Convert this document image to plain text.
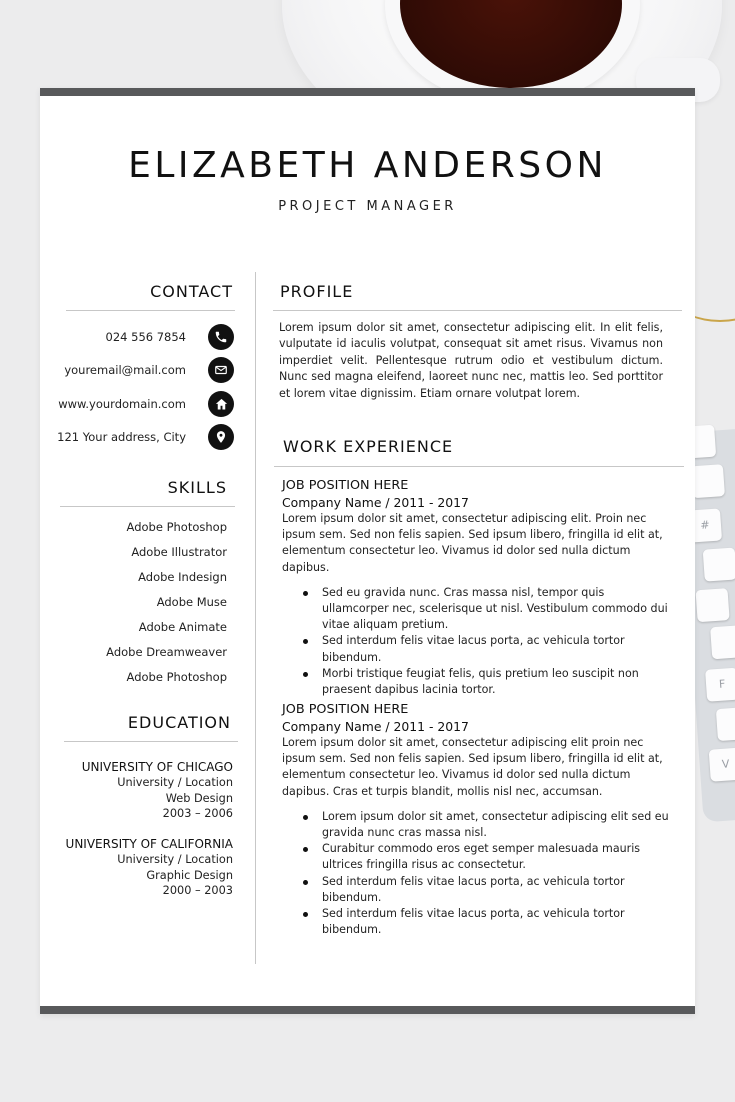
#
F
V
ELIZABETH ANDERSON
PROJECT MANAGER
CONTACT
024 556 7854
youremail@mail.com
www.yourdomain.com
121 Your address, City
SKILLS
Adobe Photoshop
Adobe Illustrator
Adobe Indesign
Adobe Muse
Adobe Animate
Adobe Dreamweaver
Adobe Photoshop
EDUCATION
UNIVERSITY OF CHICAGO
University / Location
Web Design
2003 – 2006
UNIVERSITY OF CALIFORNIA
University / Location
Graphic Design
2000 – 2003
PROFILE
Lorem ipsum dolor sit amet, consectetur adipiscing elit. In elit felis, vulputate id iaculis volutpat, consequat sit amet risus. Vivamus non imperdiet velit. Pellentesque rutrum odio et vestibulum dictum. Nunc sed magna eleifend, laoreet nunc nec, mattis leo. Sed porttitor et lorem vitae dignissim. Etiam ornare volutpat lorem.
WORK EXPERIENCE
JOB POSITION HERE
Company Name / 2011 - 2017
Lorem ipsum dolor sit amet, consectetur adipiscing elit. Proin nec ipsum sem. Sed non felis sapien. Sed ipsum libero, fringilla id elit at, elementum consectetur leo. Vivamus id dolor sed nulla dictum dapibus.
Sed eu gravida nunc. Cras massa nisl, tempor quis ullamcorper nec, scelerisque ut nisl. Vestibulum commodo dui vitae aliquam pretium.
Sed interdum felis vitae lacus porta, ac vehicula tortor bibendum.
Morbi tristique feugiat felis, quis pretium leo suscipit non praesent dapibus lacinia tortor.
JOB POSITION HERE
Company Name / 2011 - 2017
Lorem ipsum dolor sit amet, consectetur adipiscing elit proin nec ipsum sem. Sed non felis sapien. Sed ipsum libero, fringilla id elit at, elementum consectetur leo. Vivamus id dolor sed nulla dictum dapibus. Cras et turpis blandit, mollis nisl nec, accumsan.
Lorem ipsum dolor sit amet, consectetur adipiscing elit sed eu gravida nunc cras massa nisl.
Curabitur commodo eros eget semper malesuada mauris ultrices fringilla risus ac consectetur.
Sed interdum felis vitae lacus porta, ac vehicula tortor bibendum.
Sed interdum felis vitae lacus porta, ac vehicula tortor bibendum.
